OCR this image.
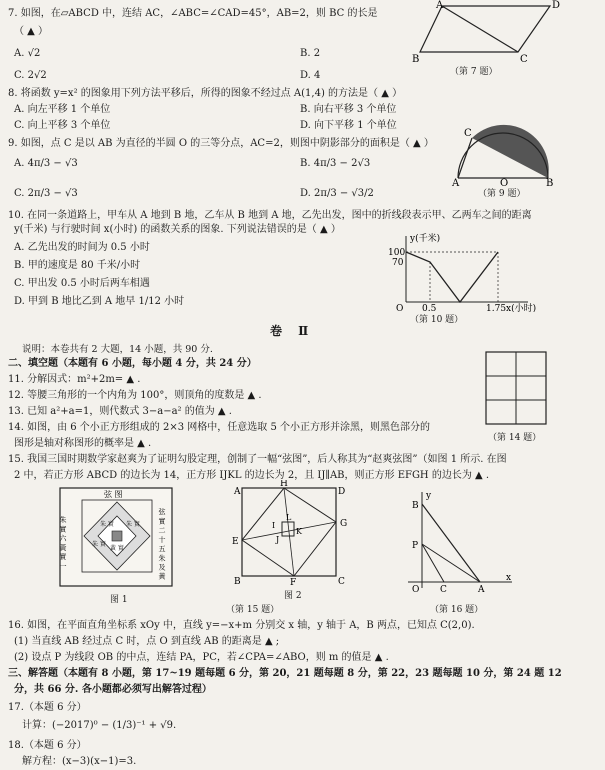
7. 如图，在▱ABCD 中，连结 AC，∠ABC=∠CAD=45°，AB=2，则 BC 的长是
（ ▲ ）
A. √2	B. 2
C. 2√2	D. 4
A	D
B	C
（第 7 题）
8. 将函数 y=x² 的图象用下列方法平移后，所得的图象不经过点 A(1,4) 的方法是（ ▲ ）
A. 向左平移 1 个单位	B. 向右平移 3 个单位
C. 向上平移 3 个单位	D. 向下平移 1 个单位
9. 如图，点 C 是以 AB 为直径的半圆 O 的三等分点，AC=2，则图中阴影部分的面积是（ ▲ ）
A. 4π/3 − √3	B. 4π/3 − 2√3
C. 2π/3 − √3	D. 2π/3 − √3/2
C
A	O	B
（第 9 题）
10. 在同一条道路上，甲车从 A 地到 B 地，乙车从 B 地到 A 地，乙先出发，图中的折线段表示甲、乙两车之间的距离
y(千米) 与行驶时间 x(小时) 的函数关系的图象. 下列说法错误的是（ ▲ ）
A. 乙先出发的时间为 0.5 小时
B. 甲的速度是 80 千米/小时
C. 甲出发 0.5 小时后两车相遇
D. 甲到 B 地比乙到 A 地早 1/12 小时
y(千米)
100
70
O 0.5	1.75 x(小时)
（第 10 题）
卷 Ⅱ
说明：本卷共有 2 大题，14 小题，共 90 分.
二、填空题（本题有 6 小题，每小题 4 分，共 24 分）
11. 分解因式：m²+2m= ▲ .
12. 等腰三角形的一个内角为 100°，则顶角的度数是 ▲ .
13. 已知 a²+a=1，则代数式 3−a−a² 的值为 ▲ .
14. 如图，由 6 个小正方形组成的 2×3 网格中，任意选取 5 个小正方形并涂黑，则黑色部分的
图形是轴对称图形的概率是 ▲ .	（第 14 题）
15. 我国三国时期数学家赵爽为了证明勾股定理，创制了一幅“弦图”，后人称其为“赵爽弦图”（如图 1 所示. 在图
2 中，若正方形 ABCD 的边长为 14，正方形 IJKL 的边长为 2，且 IJ∥AB，则正方形 EFGH 的边长为 ▲ .
弦 图
朱 實 六 黃 實 一	弦 實 二 十 五 朱 及 黃
朱 實 朱 實
黃 實
朱 實
图 1
A
H
D
E
G
B	F	C
I
L
J
K
图 2
（第 15 题）
y
B
P
O C	A
x
（第 16 题）
16. 如图，在平面直角坐标系 xOy 中，直线 y=−x+m 分别交 x 轴，y 轴于 A，B 两点，已知点 C(2,0).
(1) 当直线 AB 经过点 C 时，点 O 到直线 AB 的距离是 ▲ ;
(2) 设点 P 为线段 OB 的中点，连结 PA，PC，若∠CPA=∠ABO，则 m 的值是 ▲ .
三、解答题（本题有 8 小题，第 17~19 题每题 6 分，第 20，21 题每题 8 分，第 22，23 题每题 10 分，第 24 题 12
分，共 66 分. 各小题都必须写出解答过程）
17.（本题 6 分）
计算：(−2017)⁰ − (1/3)⁻¹ + √9.
18.（本题 6 分）
解方程：(x−3)(x−1)=3.
